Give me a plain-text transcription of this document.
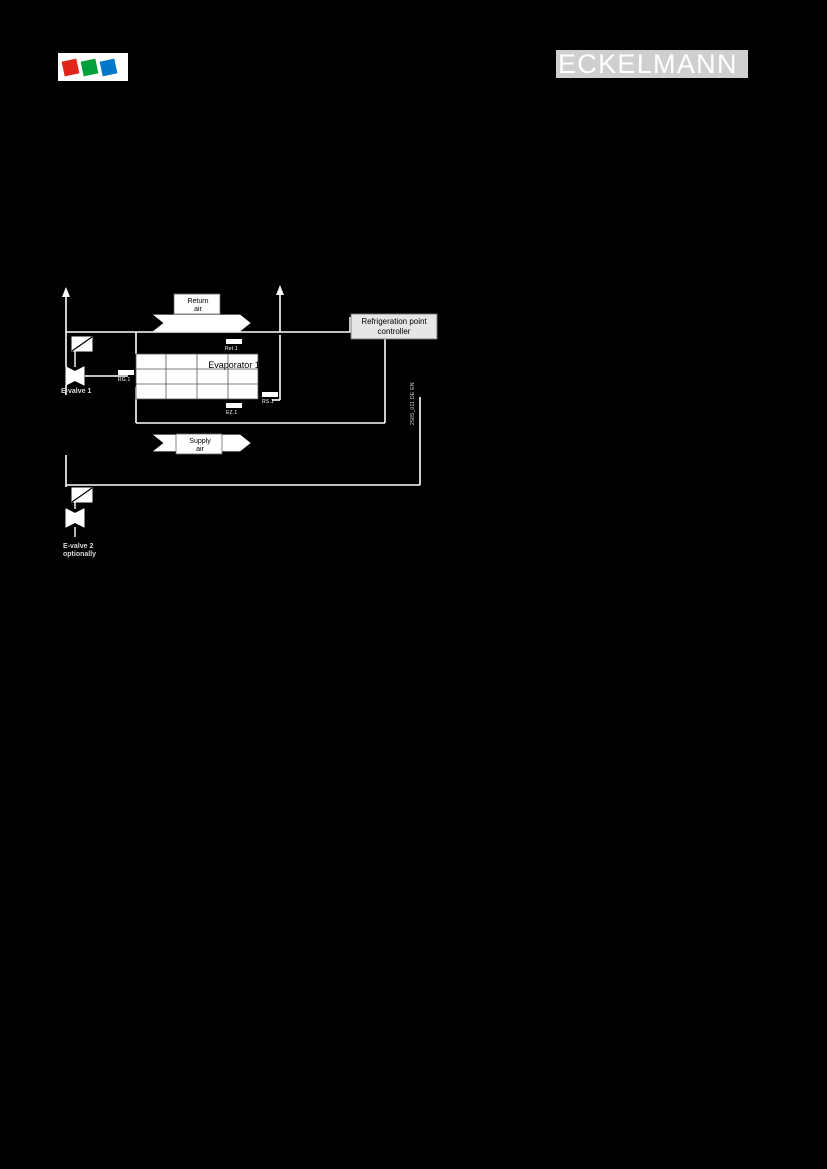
ECKELMANN
Evaporator 1
Refrigeration point
controller
Return
air
Supply
air
Ret.1
RG.1
EZ.1
RS.1
E-valve 1
E-valve 2
optionally
2585_011 DE EN
